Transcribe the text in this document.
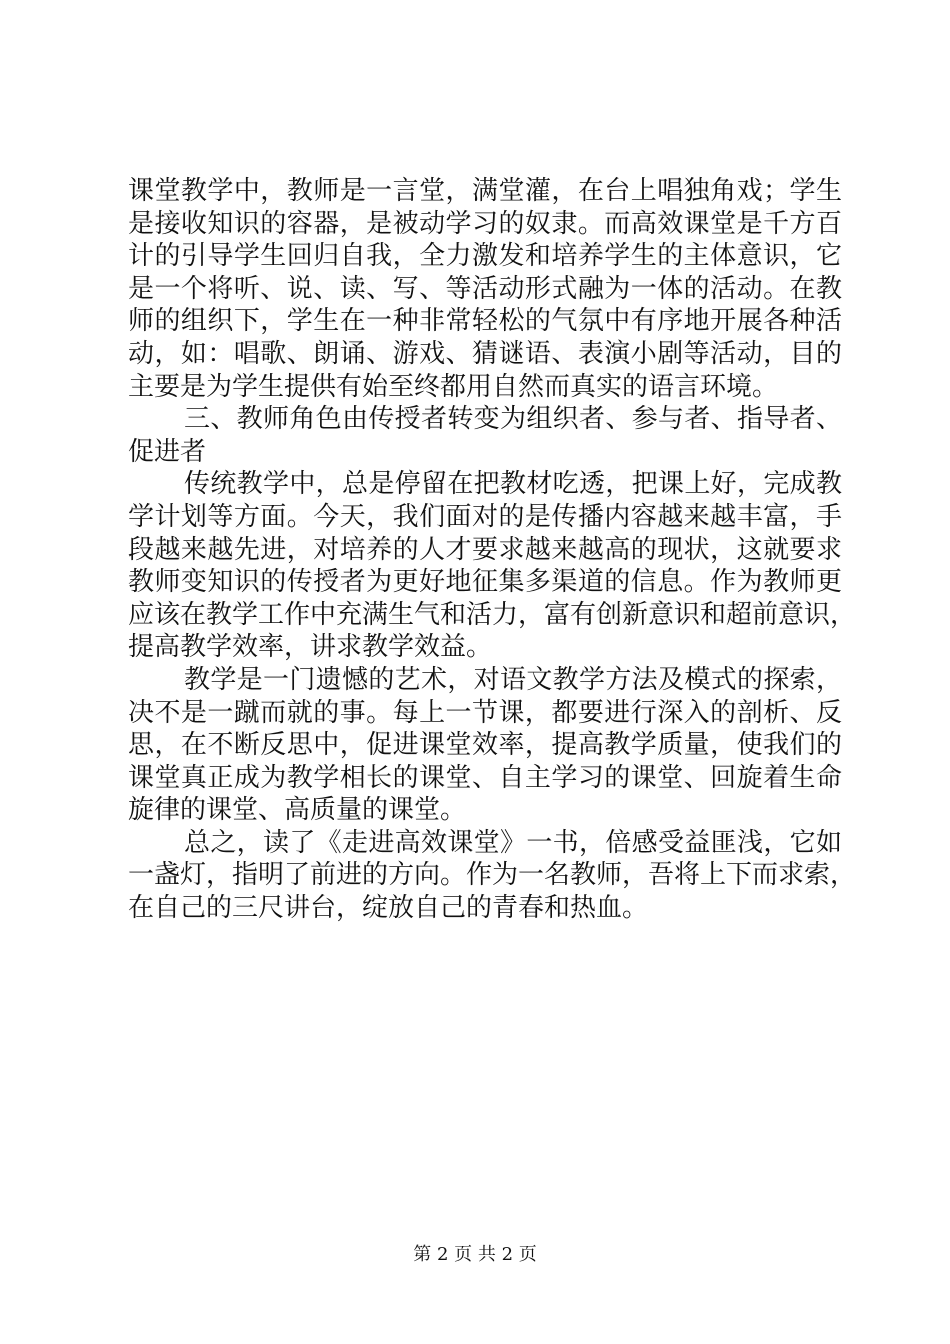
课堂教学中，教师是一言堂，满堂灌，在台上唱独角戏；学生
是接收知识的容器，是被动学习的奴隶。而高效课堂是千方百
计的引导学生回归自我，全力激发和培养学生的主体意识，它
是一个将听、说、读、写、等活动形式融为一体的活动。在教
师的组织下，学生在一种非常轻松的气氛中有序地开展各种活
动，如：唱歌、朗诵、游戏、猜谜语、表演小剧等活动，目的
主要是为学生提供有始至终都用自然而真实的语言环境。
三、教师角色由传授者转变为组织者、参与者、指导者、
促进者
传统教学中，总是停留在把教材吃透，把课上好，完成教
学计划等方面。今天，我们面对的是传播内容越来越丰富，手
段越来越先进，对培养的人才要求越来越高的现状，这就要求
教师变知识的传授者为更好地征集多渠道的信息。作为教师更
应该在教学工作中充满生气和活力，富有创新意识和超前意识，
提高教学效率，讲求教学效益。
教学是一门遗憾的艺术，对语文教学方法及模式的探索，
决不是一蹴而就的事。每上一节课，都要进行深入的剖析、反
思，在不断反思中，促进课堂效率，提高教学质量，使我们的
课堂真正成为教学相长的课堂、自主学习的课堂、回旋着生命
旋律的课堂、高质量的课堂。
总之，读了《走进高效课堂》一书，倍感受益匪浅，它如
一盏灯，指明了前进的方向。作为一名教师，吾将上下而求索，
在自己的三尺讲台，绽放自己的青春和热血。
第 2 页 共 2 页
